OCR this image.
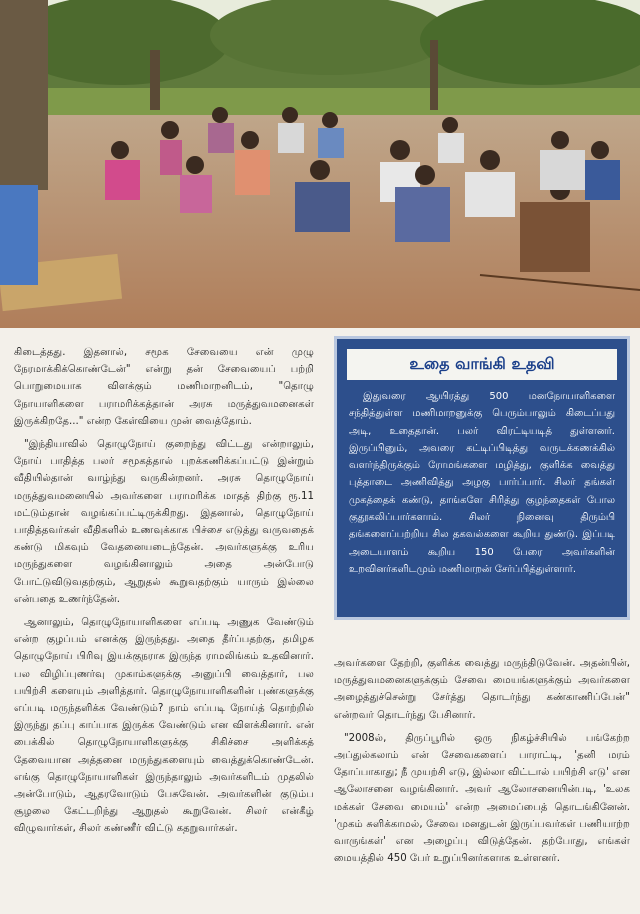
கிடைத்தது. இதனால், சமூக சேவையை என் முழு நேரமாக்கிக்கொண்டேன்" என்று தன் சேவையைப் பற்றி பொறுமையாக விளக்கும் மணிமாறனிடம், "தொழு நோயாளிகளை பராமரிக்கத்தான் அரசு மருத்துவமனைகள் இருக்கிறதே..." என்ற கேள்வியை முன் வைத்தோம்.

"இந்தியாவில் தொழுநோய் குறைந்து விட்டது என்றாலும், நோய் பாதித்த பலர் சமூகத்தால் புறக்கணிக்கப்பட்டு இன்றும் வீதியில்தான் வாழ்ந்து வருகின்றனர். அரசு தொழுநோய் மருத்துவமனையில் அவர்களை பராமரிக்க மாதத் திற்கு ரூ.11 மட்டும்தான் வழங்கப்பட்டிருக்கிறது. இதனால், தொழுநோய் பாதித்தவர்கள் வீதிகளில் உணவுக்காக பிச்சை எடுத்து வருவதைக் கண்டு மிகவும் வேதனையடைந்தேன். அவர்களுக்கு உரிய மருந்துகளை வழங்கினாலும் அதை அன்போடு போட்டுவிடுவதற்கும், ஆறுதல் கூறுவதற்கும் யாரும் இல்லை என்பதை உணர்ந்தேன்.

ஆனாலும், தொழுநோயாளிகளை எப்படி அணுக வேண்டும் என்ற குழப்பம் எனக்கு இருந்தது. அதை தீர்ப்பதற்கு, தமிழக தொழுநோய் பிரிவு இயக்குநராக இருந்த ராமலிங்கம் உதவினார். பல விழிப்புணர்வு முகாம்களுக்கு அனுப்பி வைத்தார், பல பயிற்சி களையும் அளித்தார். தொழுநோயாளிகளின் புண்களுக்கு எப்படி மருந்தளிக்க வேண்டும்? நாம் எப்படி நோய்த் தொற்றில் இருந்து தப்பு காப்பாக இருக்க வேண்டும் என விளக்கினார். என் பைக்கில் தொழுநோயாளிகளுக்கு சிகிச்சை அளிக்கத் தேவையான அத்தனை மருந்துகளையும் வைத்துக்கொண்டேன். எங்கு தொழுநோயாளிகள் இருந்தாலும் அவர்களிடம் முதலில் அன்போடும், ஆதரவோடும் பேசுவேன். அவர்களின் குடும்ப சூழலை கேட்டறிந்து ஆறுதல் கூறுவேன். சிலர் என்கீழ் விழுவார்கள், சிலர் கண்ணீர் விட்டு கதறுவார்கள்.

உதை வாங்கி உதவி
இதுவரை ஆயிரத்து 500 மனநோயாளிகளை சந்தித்துள்ள மணிமாறனுக்கு பெரும்பாலும் கிடைப்பது அடி, உதைதான். பலர் விரட்டியடித் துள்ளனர். இருப்பினும், அவரை கட்டிப்பிடித்து வருடக்கணக்கில் வளர்ந்திருக்கும் ரோமங்களை மழித்து, குளிக்க வைத்து புத்தாடை அணிவித்து அழகு பார்ப்பார். சிலர் தங்கள் முகத்தைக் கண்டு, தாங்களே சிரித்து குழந்தைகள் போல குதூகலிப்பார்களாம். சிலர் நினைவு திரும்பி தங்களைப்பற்றிய சில தகவல்களை கூறிய துண்டு. இப்படி அடையாளம் கூறிய 150 பேரை அவர்களின் உறவினர்களிடமும் மணிமாறன் சேர்ப்பித்துள்ளார்.

அவர்களை தேற்றி, குளிக்க வைத்து மருந்திடுவேன். அதன்பின், மருத்துவமனைகளுக்கும் சேவை மையங்களுக்கும் அவர்களை அழைத்துச்சென்று சேர்த்து தொடர்ந்து கண்காணிப்பேன்" என்றவர் தொடர்ந்து பேசினார்.

"2008ல், திருப்பூரில் ஒரு நிகழ்ச்சியில் பங்கேற்ற அப்துல்கலாம் என் சேவைகளைப் பாராட்டி, 'தனி மரம் தோப்பாகாது; நீ முயற்சி எடு, இல்லா விட்டால் பயிற்சி எடு' என ஆலோசனை வழங்கினார். அவர் ஆலோசனையின்படி, 'உலக மக்கள் சேவை மையம்' என்ற அமைப்பைத் தொடங்கினேன். 'முகம் சுளிக்காமல், சேவை மனதுடன் இருப்பவர்கள் பணியாற்ற வாருங்கள்' என அழைப்பு விடுத்தேன். தற்போது, எங்கள் மையத்தில் 450 பேர் உறுப்பினர்களாக உள்ளனர்.
